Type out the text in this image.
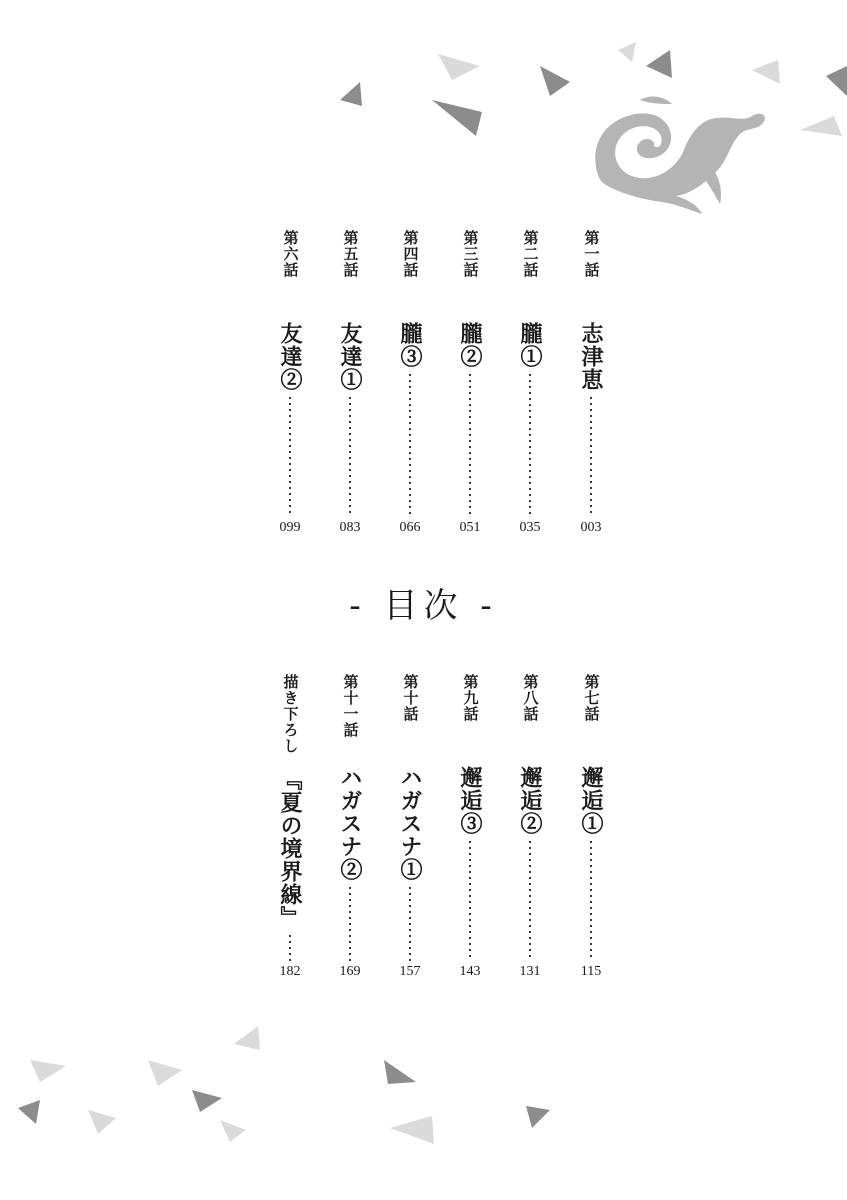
第一話
志津恵
003
第二話
朧①
035
第三話
朧②
051
第四話
朧③
066
第五話
友達①
083
第六話
友達②
099
- 目次 -
第七話
邂逅①
115
第八話
邂逅②
131
第九話
邂逅③
143
第十話
ハガスナ①
157
第十一話
ハガスナ②
169
描き下ろし
『夏の境界線』
182
